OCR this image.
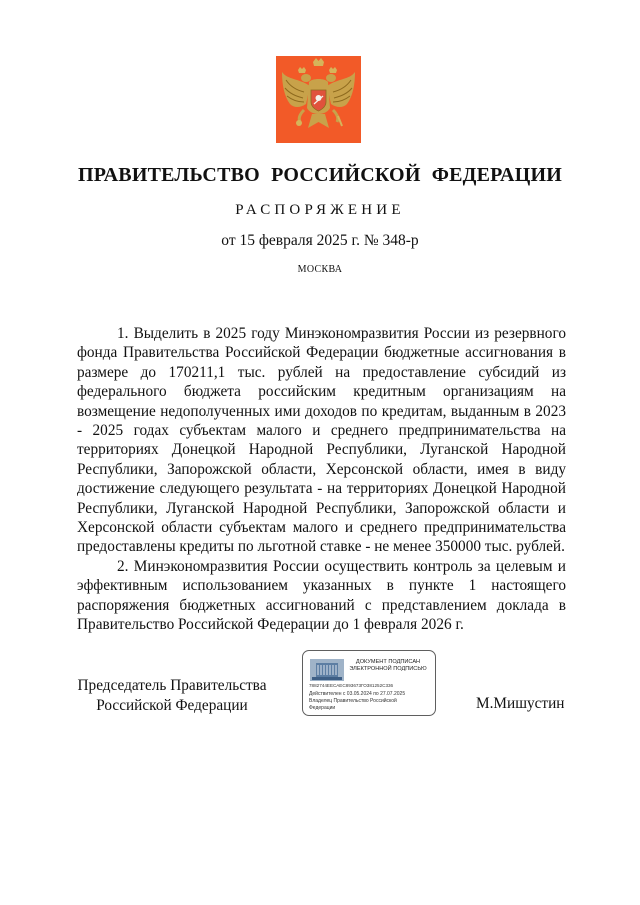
ПРАВИТЕЛЬСТВО РОССИЙСКОЙ ФЕДЕРАЦИИ
РАСПОРЯЖЕНИЕ
от 15 февраля 2025 г. № 348-р
МОСКВА

1. Выделить в 2025 году Минэкономразвития России из резервного фонда Правительства Российской Федерации бюджетные ассигнования в размере до 170211,1 тыс. рублей на предоставление субсидий из федерального бюджета российским кредитным организациям на возмещение недополученных ими доходов по кредитам, выданным в 2023 - 2025 годах субъектам малого и среднего предпринимательства на территориях Донецкой Народной Республики, Луганской Народной Республики, Запорожской области, Херсонской области, имея в виду достижение следующего результата - на территориях Донецкой Народной Республики, Луганской Народной Республики, Запорожской области и Херсонской области субъектам малого и среднего предпринимательства предоставлены кредиты по льготной ставке - не менее 350000 тыс. рублей.

2. Минэкономразвития России осуществить контроль за целевым и эффективным использованием указанных в пункте 1 настоящего распоряжения бюджетных ассигнований с представлением доклада в Правительство Российской Федерации до 1 февраля 2026 г.

Председатель Правительства
Российской Федерации
ДОКУМЕНТ ПОДПИСАН
ЭЛЕКТРОННОЙ ПОДПИСЬЮ
7882744ЕЕСАЕС893673ГО381252С336
Действителен с 03.05.2024 по 27.07.2025
Владелец Правительство Российской Федерации	М.Мишустин
